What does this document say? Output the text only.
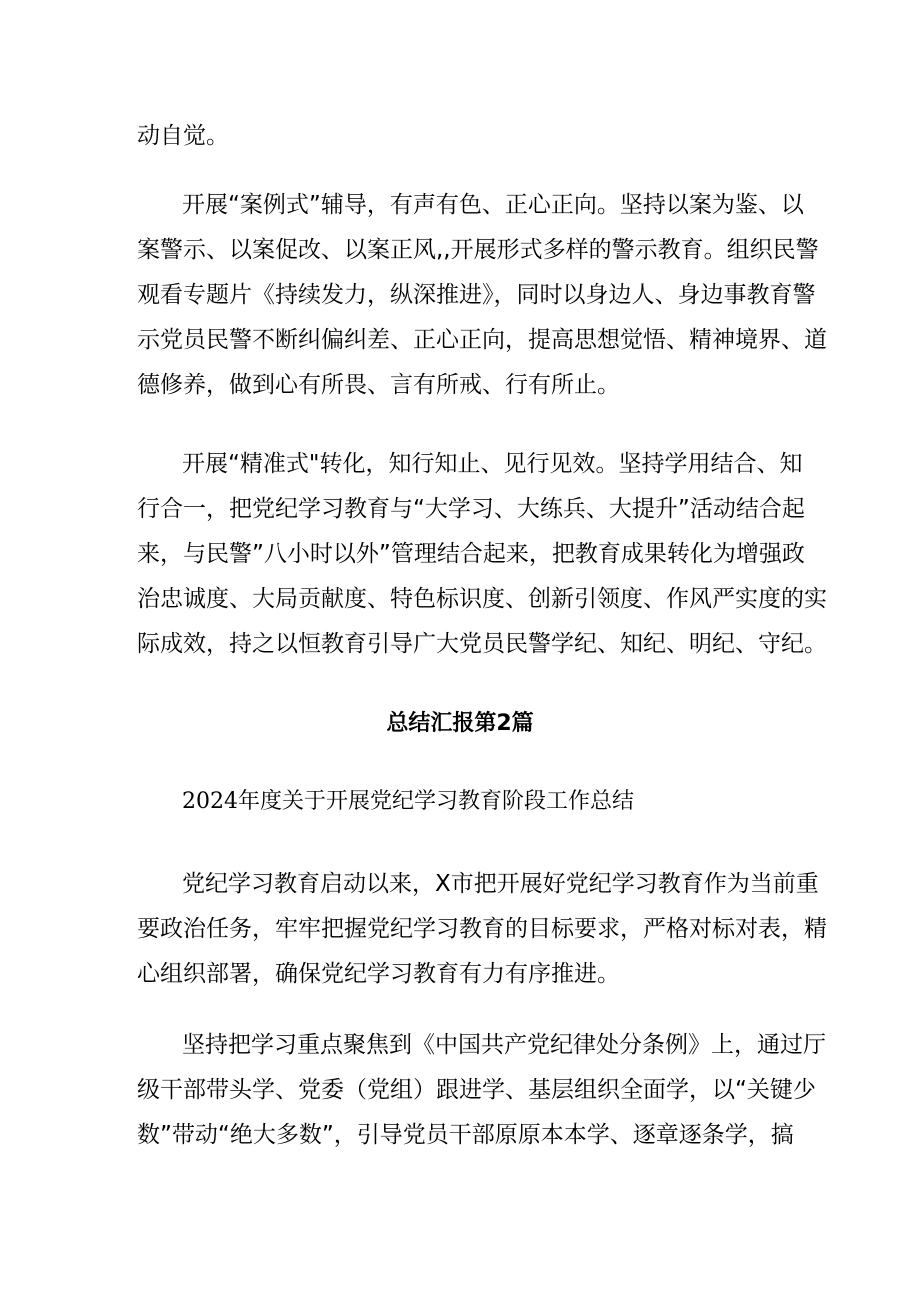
动自觉。
开展“案例式”辅导，有声有色、正心正向。坚持以案为鉴、以
案警示、以案促改、以案正风,,开展形式多样的警示教育。组织民警
观看专题片《持续发力，纵深推进》，同时以身边人、身边事教育警
示党员民警不断纠偏纠差、正心正向，提高思想觉悟、精神境界、道
德修养，做到心有所畏、言有所戒、行有所止。
开展“精准式"转化，知行知止、见行见效。坚持学用结合、知
行合一，把党纪学习教育与“大学习、大练兵、大提升”活动结合起
来，与民警”八小时以外”管理结合起来，把教育成果转化为增强政
治忠诚度、大局贡献度、特色标识度、创新引领度、作风严实度的实
际成效，持之以恒教育引导广大党员民警学纪、知纪、明纪、守纪。
总结汇报第2篇
2024年度关于开展党纪学习教育阶段工作总结
党纪学习教育启动以来，X市把开展好党纪学习教育作为当前重
要政治任务，牢牢把握党纪学习教育的目标要求，严格对标对表，精
心组织部署，确保党纪学习教育有力有序推进。
坚持把学习重点聚焦到《中国共产党纪律处分条例》上，通过厅
级干部带头学、党委（党组）跟进学、基层组织全面学，以“关键少
数”带动“绝大多数”，引导党员干部原原本本学、逐章逐条学，搞
